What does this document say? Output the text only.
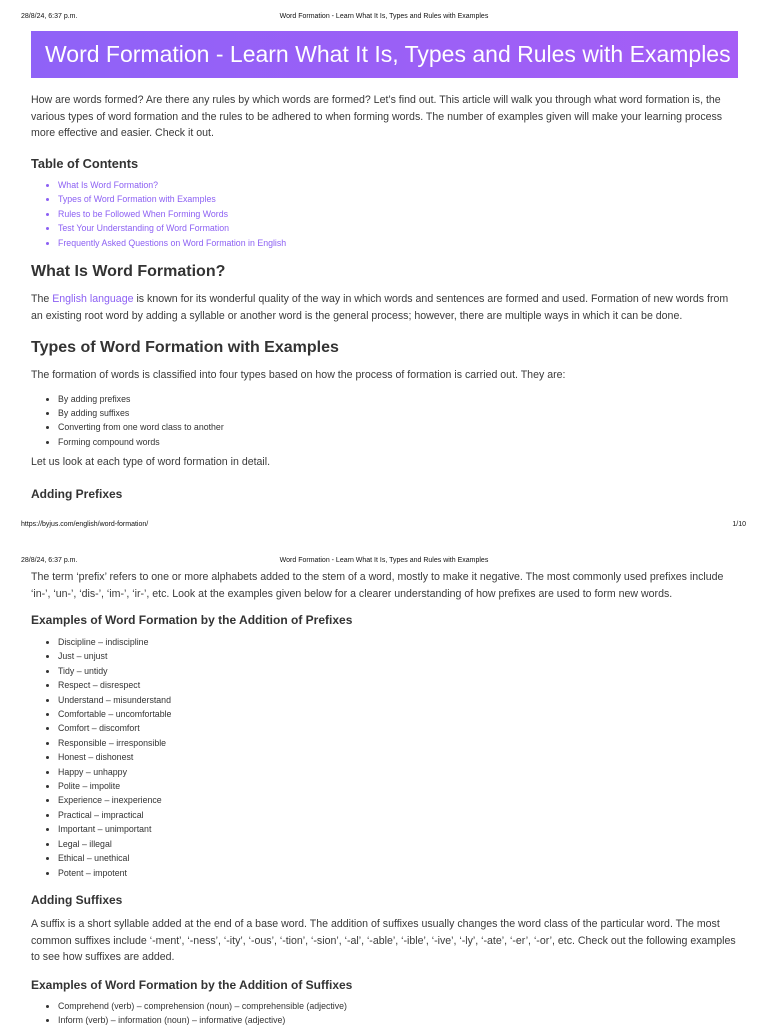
28/8/24, 6:37 p.m.	Word Formation - Learn What It Is, Types and Rules with Examples
Word Formation - Learn What It Is, Types and Rules with Examples

How are words formed? Are there any rules by which words are formed? Let’s find out. This article will walk you through what word formation is, the various types of word formation and the rules to be adhered to when forming words. The number of examples given will make your learning process more effective and easier. Check it out.

Table of Contents
• What Is Word Formation?
• Types of Word Formation with Examples
• Rules to be Followed When Forming Words
• Test Your Understanding of Word Formation
• Frequently Asked Questions on Word Formation in English
What Is Word Formation?

The English language is known for its wonderful quality of the way in which words and sentences are formed and used. Formation of new words from an existing root word by adding a syllable or another word is the general process; however, there are multiple ways in which it can be done.

Types of Word Formation with Examples

The formation of words is classified into four types based on how the process of formation is carried out. They are:

• By adding prefixes
• By adding suffixes
• Converting from one word class to another
• Forming compound words

Let us look at each type of word formation in detail.

Adding Prefixes
https://byjus.com/english/word-formation/	1/10
28/8/24, 6:37 p.m.	Word Formation - Learn What It Is, Types and Rules with Examples

The term ‘prefix’ refers to one or more alphabets added to the stem of a word, mostly to make it negative. The most commonly used prefixes include ‘in-’, ‘un-’, ‘dis-’, ‘im-’, ‘ir-’, etc. Look at the examples given below for a clearer understanding of how prefixes are used to form new words.

Examples of Word Formation by the Addition of Prefixes
• Discipline – indiscipline
• Just – unjust
• Tidy – untidy
• Respect – disrespect
• Understand – misunderstand
• Comfortable – uncomfortable
• Comfort – discomfort
• Responsible – irresponsible
• Honest – dishonest
• Happy – unhappy
• Polite – impolite
• Experience – inexperience
• Practical – impractical
• Important – unimportant
• Legal – illegal
• Ethical – unethical
• Potent – impotent
Adding Suffixes

A suffix is a short syllable added at the end of a base word. The addition of suffixes usually changes the word class of the particular word. The most common suffixes include ‘-ment’, ‘-ness’, ‘-ity’, ‘-ous’, ‘-tion’, ‘-sion’, ‘-al’, ‘-able’, ‘-ible’, ‘-ive’, ‘-ly’, ‘-ate’, ‘-er’, ‘-or’, etc. Check out the following examples to see how suffixes are added.

Examples of Word Formation by the Addition of Suffixes
• Comprehend (verb) – comprehension (noun) – comprehensible (adjective)
• Inform (verb) – information (noun) – informative (adjective)
